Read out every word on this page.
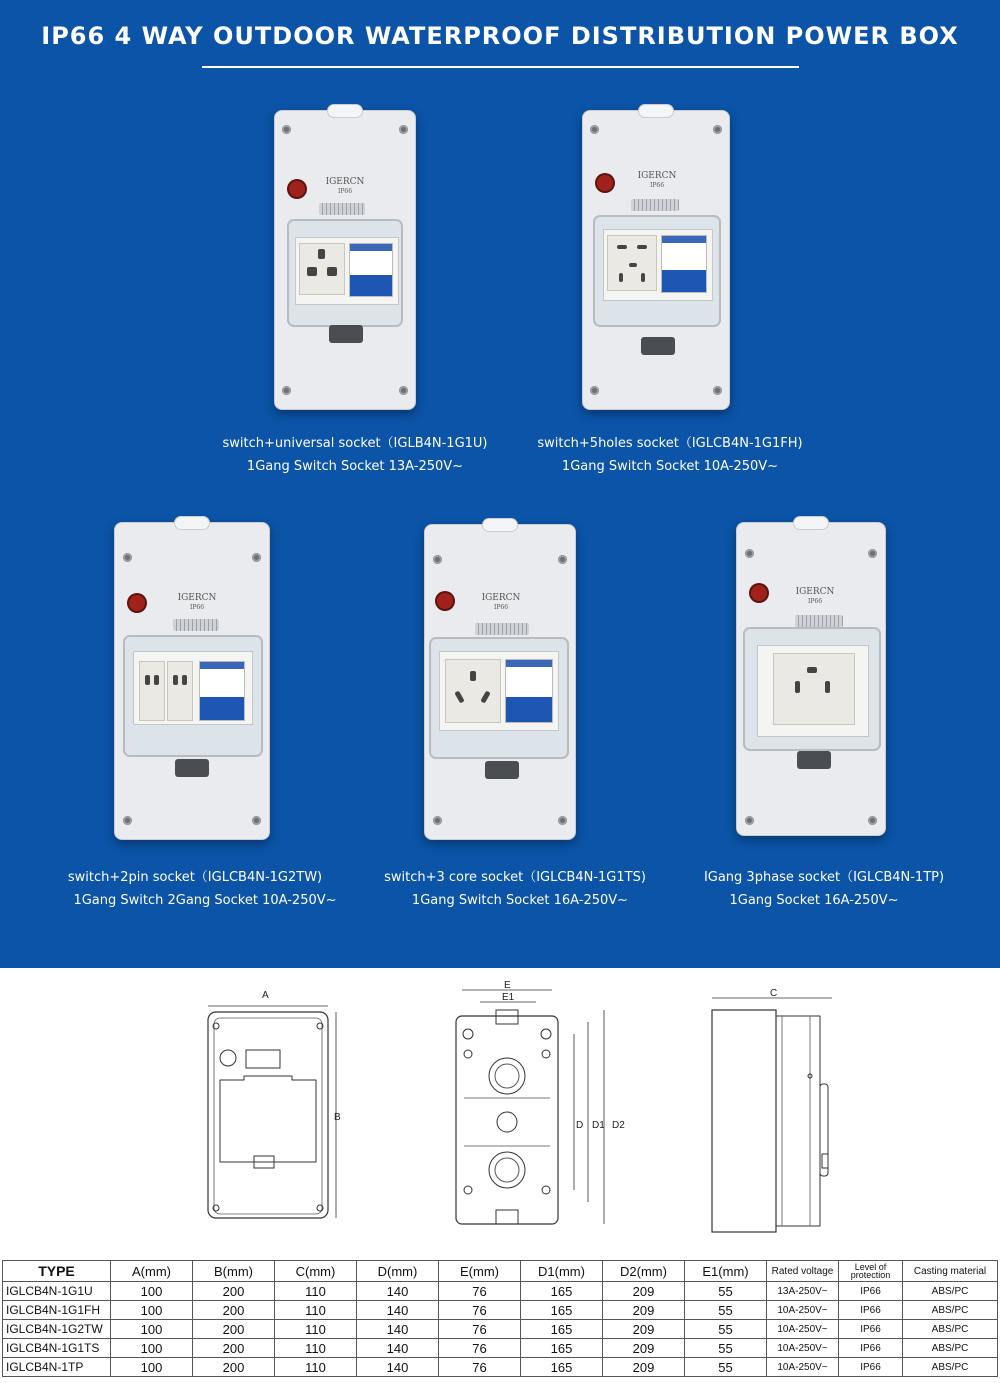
IP66 4 WAY OUTDOOR WATERPROOF DISTRIBUTION POWER BOX
IGERCN
IP66
IGERCN
IP66
IGERCN
IP66
IGERCN
IP66
IGERCN
IP66
switch+universal socket（IGLB4N-1G1U)
1Gang Switch Socket 13A-250V~
switch+5holes socket（IGLCB4N-1G1FH)
1Gang Switch Socket 10A-250V~
switch+2pin socket（IGLCB4N-1G2TW)
1Gang Switch 2Gang Socket 10A-250V~
switch+3 core socket（IGLCB4N-1G1TS)
1Gang Switch Socket 16A-250V~
IGang 3phase socket（IGLCB4N-1TP)
1Gang Socket 16A-250V~
A
B
E
E1
D D1 D2
C
TYPE	A(mm)	B(mm)	C(mm)	D(mm)	E(mm)	D1(mm)	D2(mm)	E1(mm)	Rated voltage	Level of protection	Casting material
IGLCB4N-1G1U	100	200	110	140	76	165	209	55	13A-250V~	IP66	ABS/PC
IGLCB4N-1G1FH	100	200	110	140	76	165	209	55	10A-250V~	IP66	ABS/PC
IGLCB4N-1G2TW	100	200	110	140	76	165	209	55	10A-250V~	IP66	ABS/PC
IGLCB4N-1G1TS	100	200	110	140	76	165	209	55	10A-250V~	IP66	ABS/PC
IGLCB4N-1TP	100	200	110	140	76	165	209	55	10A-250V~	IP66	ABS/PC
